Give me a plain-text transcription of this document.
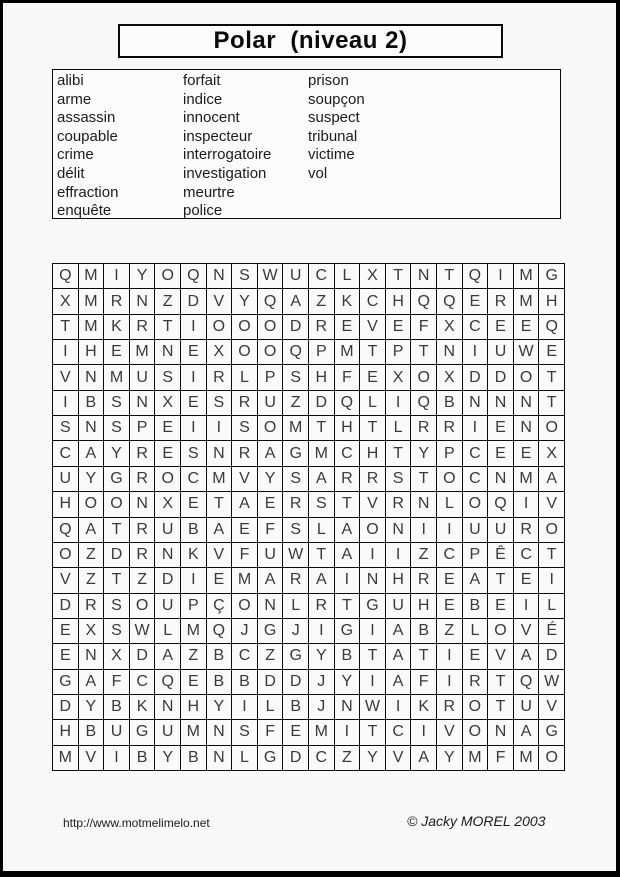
Polar  (niveau 2)
alibi
arme
assassin
coupable
crime
délit
effraction
enquête
forfait
indice
innocent
inspecteur
interrogatoire
investigation
meurtre
police
prison
soupçon
suspect
tribunal
victime
vol
Q M	I	Y O Q N S W U C L X T N T Q	I	M G
X M R N Z D V Y Q A Z K C H Q Q E R M H
T M K R T	I	O O O D R E V E F X C E E Q
I	H E M N E X O O Q P M T P T N	I	U W E
V N M U S	I	R L P S H F E X O X D D O T
I	B S N X E S R U Z D Q L	I	Q B N N N T
S N S P E	I	I	S O M T H T	L R R	I	E N O
C A Y R E S N R A G M C H T Y P C E E X
U Y G R O C M V Y S A R R S T O C N M A
H O O N X E T A E R S T V R N L O Q	I	V
Q A T R U B A E F S L A O N	I	I	U U R O
O Z D R N K V F U W T A	I	I	Z C P Ê C T
V Z T Z D	I	E M A R A	I	N H R E A T E	I
D R S O U P Ç O N L R T G U H E B E	I	L
E X S W L M Q J G J	I	G	I	A B Z	L O V É
E N X D A Z B C Z G Y B T A T	I	E V A D
G A F C Q E B B D D J	Y	I	A F	I	R T Q W
D Y B K N H Y	I	L B	J N W I	K R O T U V
H B U G U M N S F E M	I	T C	I	V O N A G
M V	I	B Y B N L G D C Z Y V A Y M F M O
http://www.motmelimelo.net	© Jacky MOREL 2003
